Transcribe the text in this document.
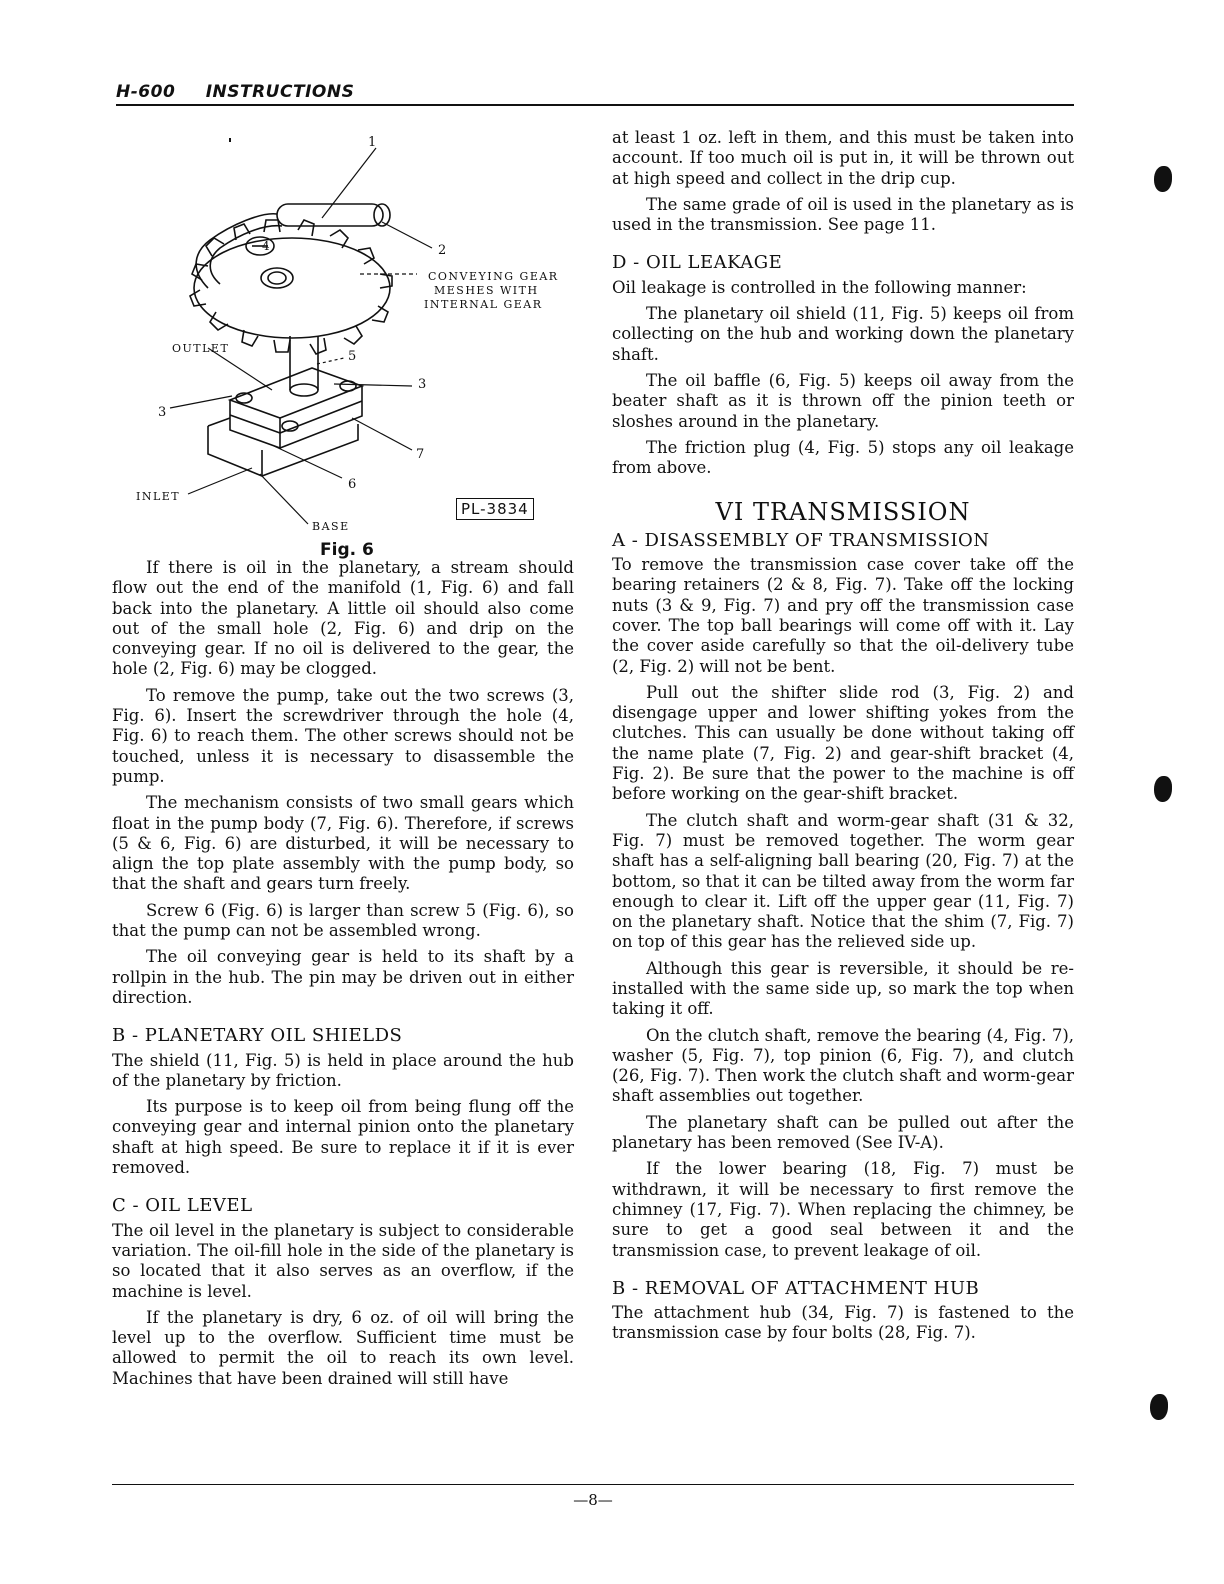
H-600 INSTRUCTIONS
1
2
CONVEYING GEAR
MESHES WITH
INTERNAL GEAR
4
OUTLET
5
3
3
7
6
INLET
BASE
PL-3834
Fig. 6

If there is oil in the planetary, a stream should flow out the end of the manifold (1, Fig. 6) and fall back into the planetary. A little oil should also come out of the small hole (2, Fig. 6) and drip on the conveying gear. If no oil is delivered to the gear, the hole (2, Fig. 6) may be clogged.

To remove the pump, take out the two screws (3, Fig. 6). Insert the screwdriver through the hole (4, Fig. 6) to reach them. The other screws should not be touched, unless it is necessary to disassemble the pump.

The mechanism consists of two small gears which float in the pump body (7, Fig. 6). Therefore, if screws (5 & 6, Fig. 6) are disturbed, it will be necessary to align the top plate assembly with the pump body, so that the shaft and gears turn freely.

Screw 6 (Fig. 6) is larger than screw 5 (Fig. 6), so that the pump can not be assembled wrong.

The oil conveying gear is held to its shaft by a rollpin in the hub. The pin may be driven out in either direction.

B - PLANETARY OIL SHIELDS

The shield (11, Fig. 5) is held in place around the hub of the planetary by friction.

Its purpose is to keep oil from being flung off the conveying gear and internal pinion onto the planetary shaft at high speed. Be sure to replace it if it is ever removed.

C - OIL LEVEL

The oil level in the planetary is subject to considerable variation. The oil-fill hole in the side of the planetary is so located that it also serves as an overflow, if the machine is level.

If the planetary is dry, 6 oz. of oil will bring the level up to the overflow. Sufficient time must be allowed to permit the oil to reach its own level. Machines that have been drained will still have

at least 1 oz. left in them, and this must be taken into account. If too much oil is put in, it will be thrown out at high speed and collect in the drip cup.

The same grade of oil is used in the planetary as is used in the transmission. See page 11.

D - OIL LEAKAGE

Oil leakage is controlled in the following manner:

The planetary oil shield (11, Fig. 5) keeps oil from collecting on the hub and working down the planetary shaft.

The oil baffle (6, Fig. 5) keeps oil away from the beater shaft as it is thrown off the pinion teeth or sloshes around in the planetary.

The friction plug (4, Fig. 5) stops any oil leakage from above.

VI TRANSMISSION
A - DISASSEMBLY OF TRANSMISSION

To remove the transmission case cover take off the bearing retainers (2 & 8, Fig. 7). Take off the locking nuts (3 & 9, Fig. 7) and pry off the transmission case cover. The top ball bearings will come off with it. Lay the cover aside carefully so that the oil-delivery tube (2, Fig. 2) will not be bent.

Pull out the shifter slide rod (3, Fig. 2) and disengage upper and lower shifting yokes from the clutches. This can usually be done without taking off the name plate (7, Fig. 2) and gear-shift bracket (4, Fig. 2). Be sure that the power to the machine is off before working on the gear-shift bracket.

The clutch shaft and worm-gear shaft (31 & 32, Fig. 7) must be removed together. The worm gear shaft has a self-aligning ball bearing (20, Fig. 7) at the bottom, so that it can be tilted away from the worm far enough to clear it. Lift off the upper gear (11, Fig. 7) on the planetary shaft. Notice that the shim (7, Fig. 7) on top of this gear has the relieved side up.

Although this gear is reversible, it should be re-installed with the same side up, so mark the top when taking it off.

On the clutch shaft, remove the bearing (4, Fig. 7), washer (5, Fig. 7), top pinion (6, Fig. 7), and clutch (26, Fig. 7). Then work the clutch shaft and worm-gear shaft assemblies out together.

The planetary shaft can be pulled out after the planetary has been removed (See IV-A).

If the lower bearing (18, Fig. 7) must be withdrawn, it will be necessary to first remove the chimney (17, Fig. 7). When replacing the chimney, be sure to get a good seal between it and the transmission case, to prevent leakage of oil.

B - REMOVAL OF ATTACHMENT HUB

The attachment hub (34, Fig. 7) is fastened to the transmission case by four bolts (28, Fig. 7).

—8—
